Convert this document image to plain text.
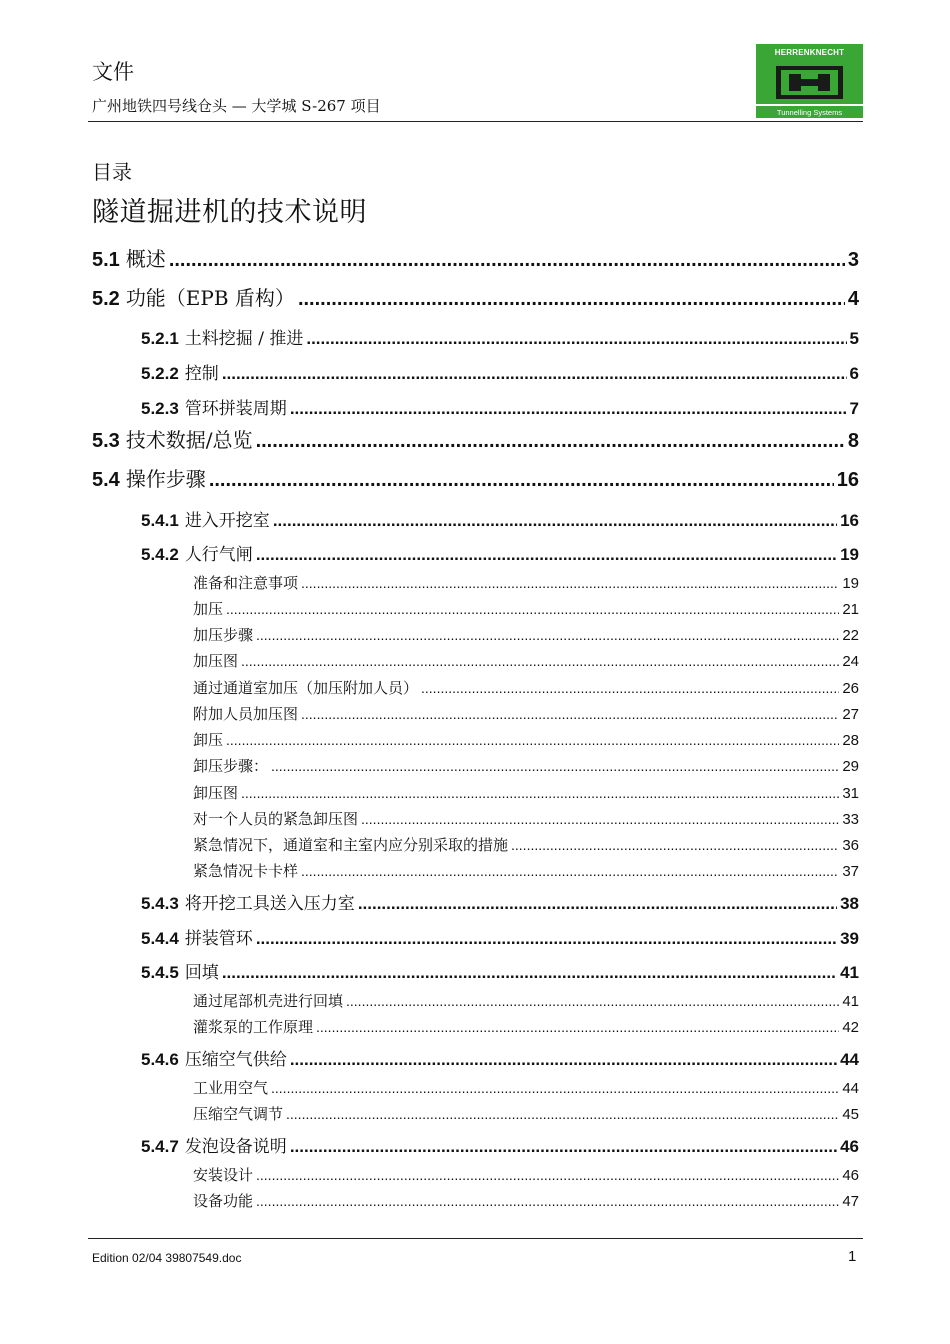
文件
广州地铁四号线仓头 — 大学城 S-267 项目
HERRENKNECHT
Tunnelling Systems
目录
隧道掘进机的技术说明
5.1 概述 .....	3
5.2 功能（EPB 盾构） .....	4
5.2.1 土料挖掘 / 推进 .....	5
5.2.2 控制 .....	6
5.2.3 管环拼装周期 .....	7
5.3 技术数据/总览 .....	8
5.4 操作步骤 .....	16
5.4.1 进入开挖室 .....	16
5.4.2 人行气闸 .....	19
准备和注意事项 .....	19
加压 .....	21
加压步骤 .....	22
加压图 .....	24
通过通道室加压（加压附加人员） .....	26
附加人员加压图 .....	27
卸压 .....	28
卸压步骤： .....	29
卸压图 .....	31
对一个人员的紧急卸压图 .....	33
紧急情况下，通道室和主室内应分别采取的措施 .....	36
紧急情况卡卡样 .....	37
5.4.3 将开挖工具送入压力室 .....	38
5.4.4 拼装管环 .....	39
5.4.5 回填 .....	41
通过尾部机壳进行回填 .....	41
灌浆泵的工作原理 .....	42
5.4.6 压缩空气供给 .....	44
工业用空气 .....	44
压缩空气调节 .....	45
5.4.7 发泡设备说明 .....	46
安装设计 .....	46
设备功能 .....	47
Edition 02/04 39807549.doc	1
